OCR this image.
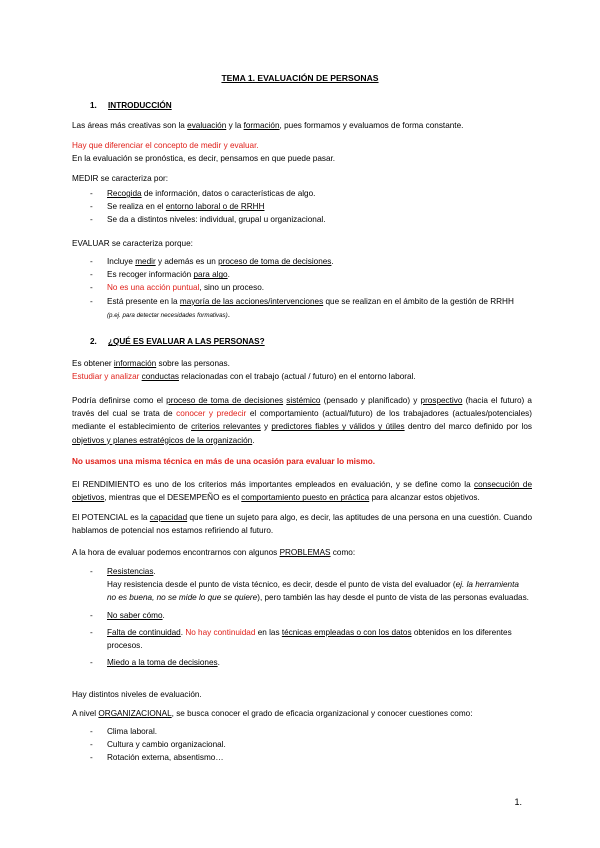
TEMA 1. EVALUACIÓN DE PERSONAS
1. INTRODUCCIÓN
Las áreas más creativas son la evaluación y la formación, pues formamos y evaluamos de forma constante.
Hay que diferenciar el concepto de medir y evaluar.
En la evaluación se pronóstica, es decir, pensamos en que puede pasar.
MEDIR se caracteriza por:
- Recogida de información, datos o características de algo.
- Se realiza en el entorno laboral o de RRHH
- Se da a distintos niveles: individual, grupal u organizacional.
EVALUAR se caracteriza porque:
- Incluye medir y además es un proceso de toma de decisiones.
- Es recoger información para algo.
- No es una acción puntual, sino un proceso.
- Está presente en la mayoría de las acciones/intervenciones que se realizan en el ámbito de la gestión de RRHH
(p.ej. para detectar necesidades formativas).
2. ¿QUÉ ES EVALUAR A LAS PERSONAS?
Es obtener información sobre las personas.
Estudiar y analizar conductas relacionadas con el trabajo (actual / futuro) en el entorno laboral.
Podría definirse como el proceso de toma de decisiones sistémico (pensado y planificado) y prospectivo (hacia el futuro) a través del cual se trata de conocer y predecir el comportamiento (actual/futuro) de los trabajadores (actuales/potenciales) mediante el establecimiento de criterios relevantes y predictores fiables y válidos y útiles dentro del marco definido por los objetivos y planes estratégicos de la organización.
No usamos una misma técnica en más de una ocasión para evaluar lo mismo.
El RENDIMIENTO es uno de los criterios más importantes empleados en evaluación, y se define como la consecución de objetivos, mientras que el DESEMPEÑO es el comportamiento puesto en práctica para alcanzar estos objetivos.
El POTENCIAL es la capacidad que tiene un sujeto para algo, es decir, las aptitudes de una persona en una cuestión. Cuando hablamos de potencial nos estamos refiriendo al futuro.
A la hora de evaluar podemos encontrarnos con algunos PROBLEMAS como:
- Resistencias.
Hay resistencia desde el punto de vista técnico, es decir, desde el punto de vista del evaluador (ej. la herramienta no es buena, no se mide lo que se quiere), pero también las hay desde el punto de vista de las personas evaluadas.
- No saber cómo.
- Falta de continuidad. No hay continuidad en las técnicas empleadas o con los datos obtenidos en los diferentes procesos.
- Miedo a la toma de decisiones.
Hay distintos niveles de evaluación.
A nivel ORGANIZACIONAL, se busca conocer el grado de eficacia organizacional y conocer cuestiones como:
- Clima laboral.
- Cultura y cambio organizacional.
- Rotación externa, absentismo…
1.
